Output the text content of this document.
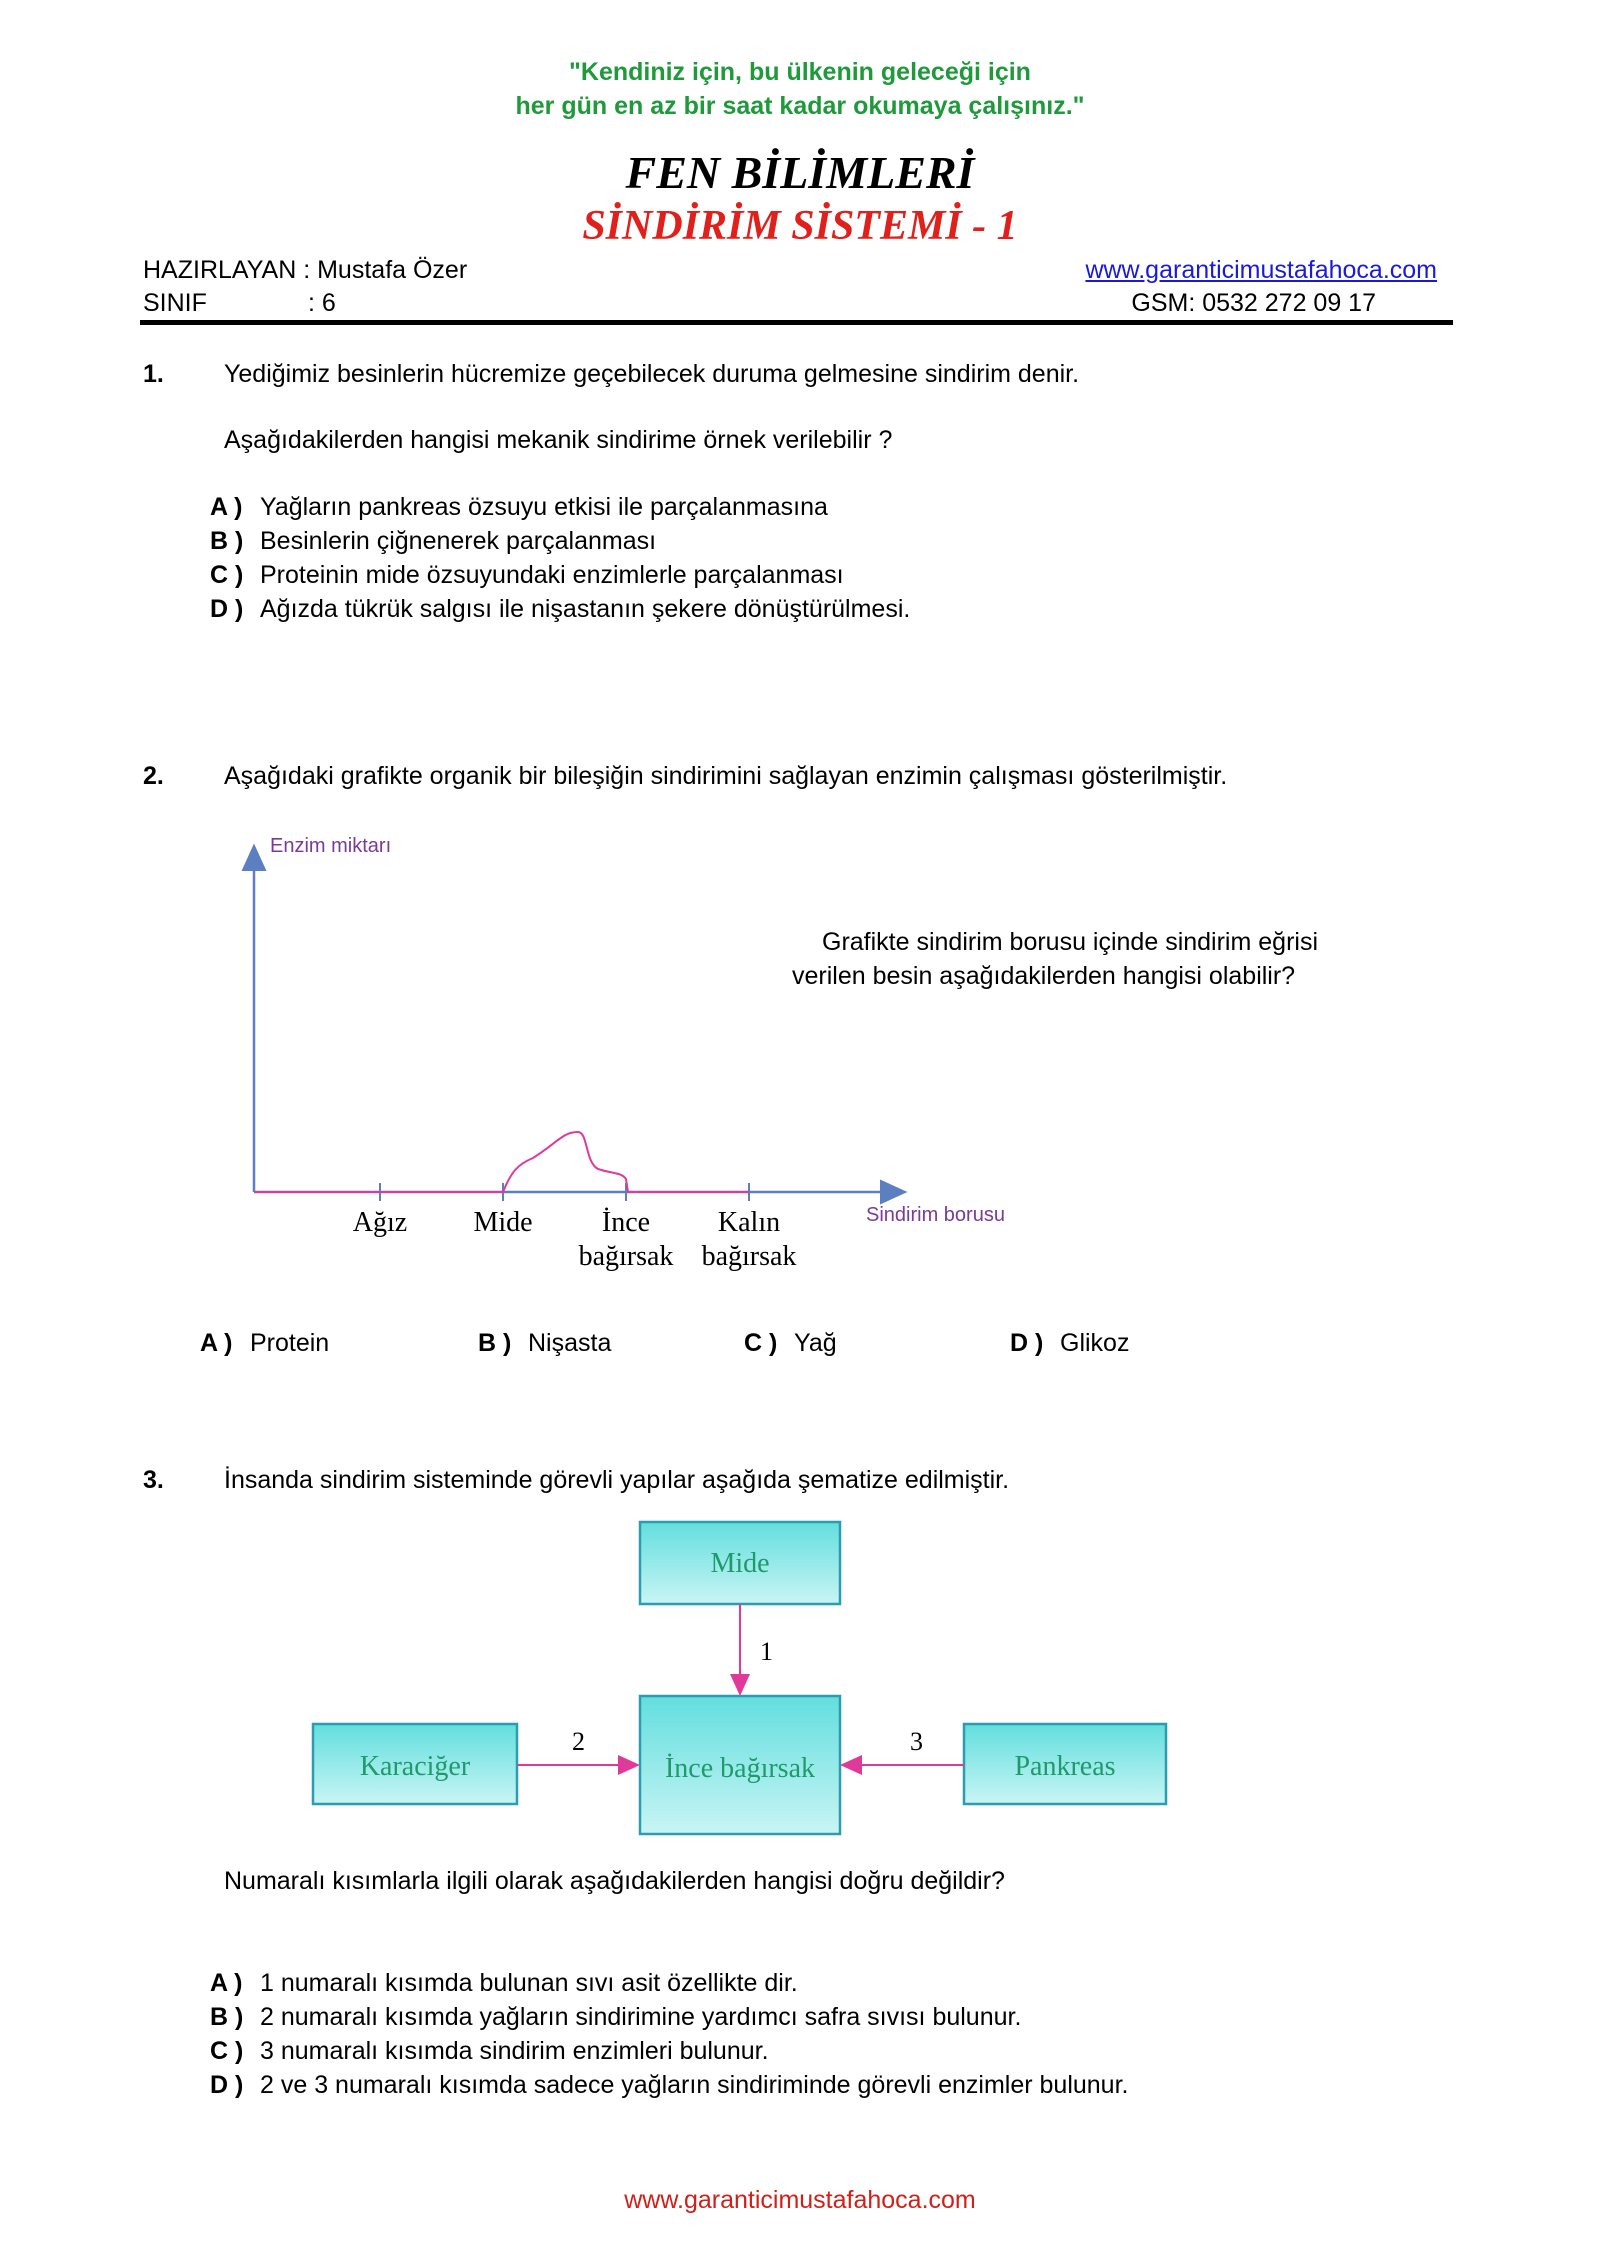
"Kendiniz için, bu ülkenin geleceği için
her gün en az bir saat kadar okumaya çalışınız."
FEN BİLİMLERİ
SİNDİRİM SİSTEMİ - 1
HAZIRLAYAN : Mustafa Özer
SINIF	: 6
www.garanticimustafahoca.com
GSM: 0532 272 09 17
1. Yediğimiz besinlerin hücremize geçebilecek duruma gelmesine sindirim denir.
Aşağıdakilerden hangisi mekanik sindirime örnek verilebilir ?
A ) Yağların pankreas özsuyu etkisi ile parçalanmasına
B ) Besinlerin çiğnenerek parçalanması
C ) Proteinin mide özsuyundaki enzimlerle parçalanması
D ) Ağızda tükrük salgısı ile nişastanın şekere dönüştürülmesi.
2. Aşağıdaki grafikte organik bir bileşiğin sindirimini sağlayan enzimin çalışması gösterilmiştir.
Enzim miktarı
Sindirim borusu
Ağız Mide İnce
bağırsak
Kalın
bağırsak
Grafikte sindirim borusu içinde sindirim eğrisi
verilen besin aşağıdakilerden hangisi olabilir?
A ) Protein	B ) Nişasta	C ) Yağ	D ) Glikoz
3. İnsanda sindirim sisteminde görevli yapılar aşağıda şematize edilmiştir.
Mide
İnce bağırsak
Karaciğer	Pankreas
1
2	3
Numaralı kısımlarla ilgili olarak aşağıdakilerden hangisi doğru değildir?
A ) 1 numaralı kısımda bulunan sıvı asit özellikte dir.
B ) 2 numaralı kısımda yağların sindirimine yardımcı safra sıvısı bulunur.
C ) 3 numaralı kısımda sindirim enzimleri bulunur.
D ) 2 ve 3 numaralı kısımda sadece yağların sindiriminde görevli enzimler bulunur.
www.garanticimustafahoca.com
